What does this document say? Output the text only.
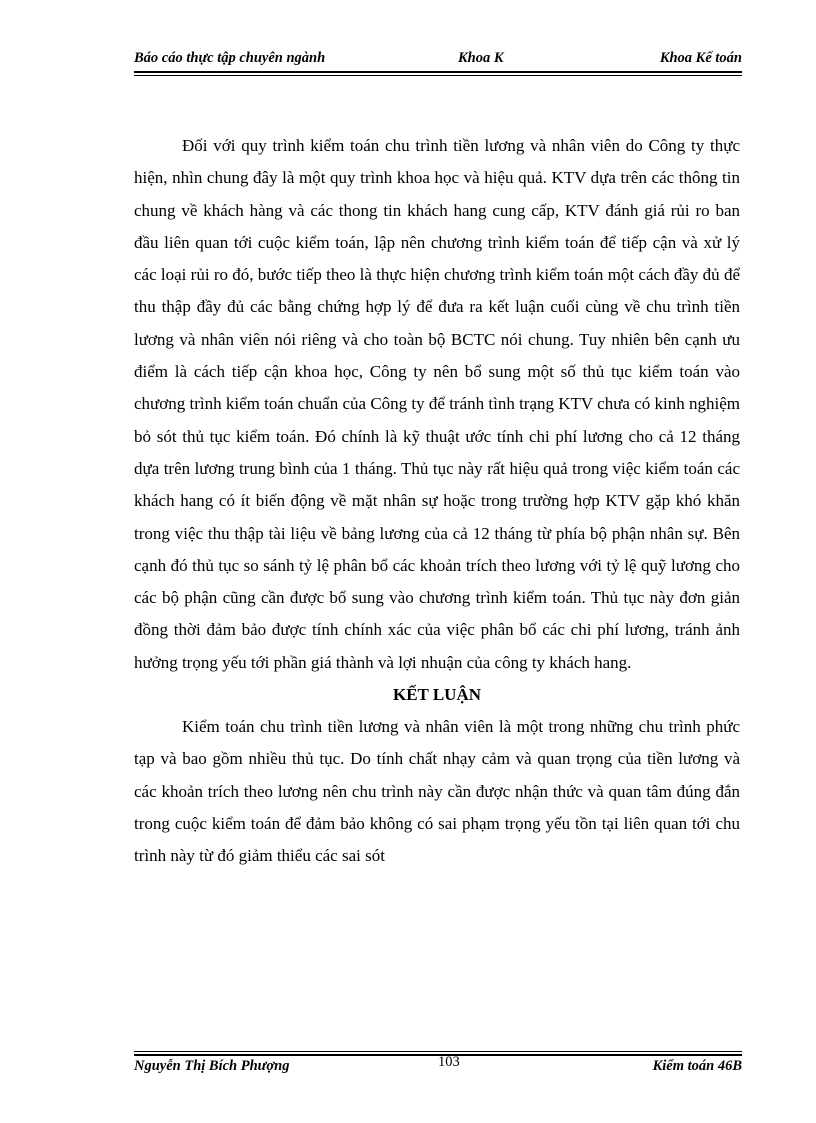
Báo cáo thực tập chuyên ngành	Khoa K	Khoa Kế toán

Đối với quy trình kiểm toán chu trình tiền lương và nhân viên do Công ty thực hiện, nhìn chung đây là một quy trình khoa học và hiệu quả. KTV dựa trên các thông tin chung về khách hàng và các thong tin khách hang cung cấp, KTV đánh giá rủi ro ban đầu liên quan tới cuộc kiểm toán, lập nên chương trình kiểm toán để tiếp cận và xử lý các loại rủi ro đó, bước tiếp theo là thực hiện chương trình kiểm toán một cách đầy đủ để thu thập đầy đủ các bằng chứng hợp lý để đưa ra kết luận cuối cùng về chu trình tiền lương và nhân viên nói riêng và cho toàn bộ BCTC nói chung. Tuy nhiên bên cạnh ưu điểm là cách tiếp cận khoa học, Công ty nên bổ sung một số thủ tục kiểm toán vào chương trình kiểm toán chuẩn của Công ty để tránh tình trạng KTV chưa có kinh nghiệm bỏ sót thủ tục kiểm toán. Đó chính là kỹ thuật ước tính chi phí lương cho cả 12 tháng dựa trên lương trung bình của 1 tháng. Thủ tục này rất hiệu quả trong việc kiểm toán các khách hang có ít biến động về mặt nhân sự hoặc trong trường hợp KTV gặp khó khăn trong việc thu thập tài liệu về bảng lương của cả 12 tháng từ phía bộ phận nhân sự. Bên cạnh đó thủ tục so sánh tỷ lệ phân bổ các khoản trích theo lương với tỷ lệ quỹ lương cho các bộ phận cũng cần được bổ sung vào chương trình kiểm toán. Thủ tục này đơn giản đồng thời đảm bảo được tính chính xác của việc phân bổ các chi phí lương, tránh ảnh hưởng trọng yếu tới phần giá thành và lợi nhuận của công ty khách hang.

KẾT LUẬN

Kiểm toán chu trình tiền lương và nhân viên là một trong những chu trình phức tạp và bao gồm nhiều thủ tục. Do tính chất nhạy cảm và quan trọng của tiền lương và các khoản trích theo lương nên chu trình này cần được nhận thức và quan tâm đúng đắn trong cuộc kiểm toán để đảm bảo không có sai phạm trọng yếu tồn tại liên quan tới chu trình này từ đó giảm thiểu các sai sót

Nguyễn Thị Bích Phượng	103	Kiểm toán 46B
